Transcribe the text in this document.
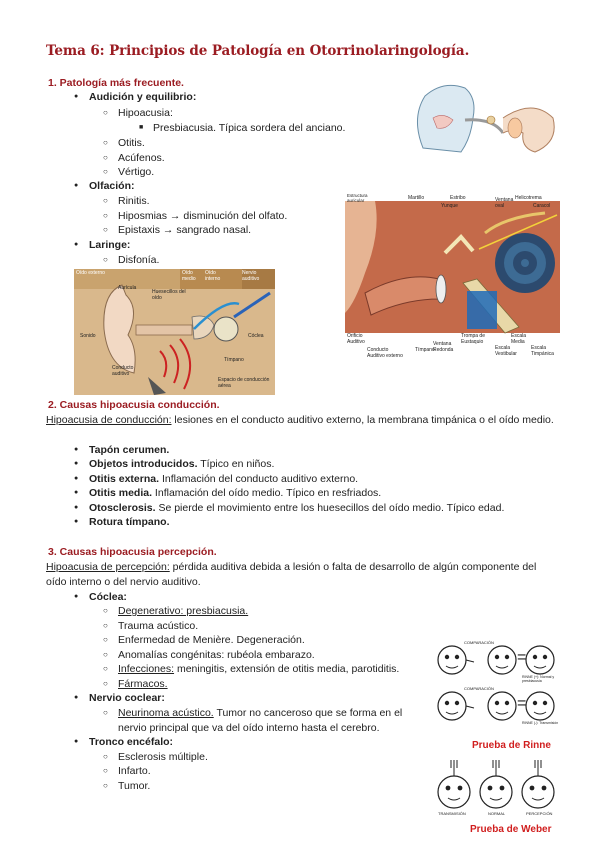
Tema 6: Principios de Patología en Otorrinolaringología.
1. Patología más frecuente.
● Audición y equilibrio:
○ Hipoacusia:
■ Presbiacusia. Típica sordera del anciano.
○ Otitis.
○ Acúfenos.
○ Vértigo.
● Olfación:
○ Rinitis.
○ Hiposmias → disminución del olfato.
○ Epistaxis → sangrado nasal.
● Laringe:
○ Disfonía.
Oído externo	Oído medio
Oído interno
Nervio auditivo
Aurícula
Huesecillos del oído
Sonido
Conducto auditivo
Cóclea
Tímpano
Espacio de conducción aérea
Estructura auricular	Martillo	Estribo
Yunque
Ventana oval
Helicotrema
Caracol
Trompa de Eustaquio
Ventana Redonda
Escala Media
Escala Vestibular
Escala Timpánica
Orificio Auditivo
Conducto Auditivo externo
Tímpano
2. Causas hipoacusia conducción.
Hipoacusia de conducción: lesiones en el conducto auditivo externo, la membrana timpánica o el oído medio.
● Tapón cerumen.
● Objetos introducidos. Típico en niños.
● Otitis externa. Inflamación del conducto auditivo externo.
● Otitis media. Inflamación del oído medio. Típico en resfriados.
● Otosclerosis. Se pierde el movimiento entre los huesecillos del oído medio. Típico edad.
● Rotura tímpano.
3. Causas hipoacusia percepción.
Hipoacusia de percepción: pérdida auditiva debida a lesión o falta de desarrollo de algún componente del oído interno o del nervio auditivo.
● Cóclea:
○ Degenerativo: presbiacusia.
○ Trauma acústico.
○ Enfermedad de Menière. Degeneración.
○ Anomalías congénitas: rubéola embarazo.
○ Infecciones: meningitis, extensión de otitis media, parotiditis.
○ Fármacos.
● Nervio coclear:
○ Neurinoma acústico. Tumor no canceroso que se forma en el nervio principal que va del oído interno hasta el cerebro.
● Tronco encéfalo:
○ Esclerosis múltiple.
○ Infarto.
○ Tumor.
COMPARACIÓN
COMPARACIÓN
=
=
RINNE (+): Normal y presbiacusia
RINNE (-): Transmisión
Prueba de Rinne
TRANSMISIÓN	NORMAL	PERCEPCIÓN
Prueba de Weber
